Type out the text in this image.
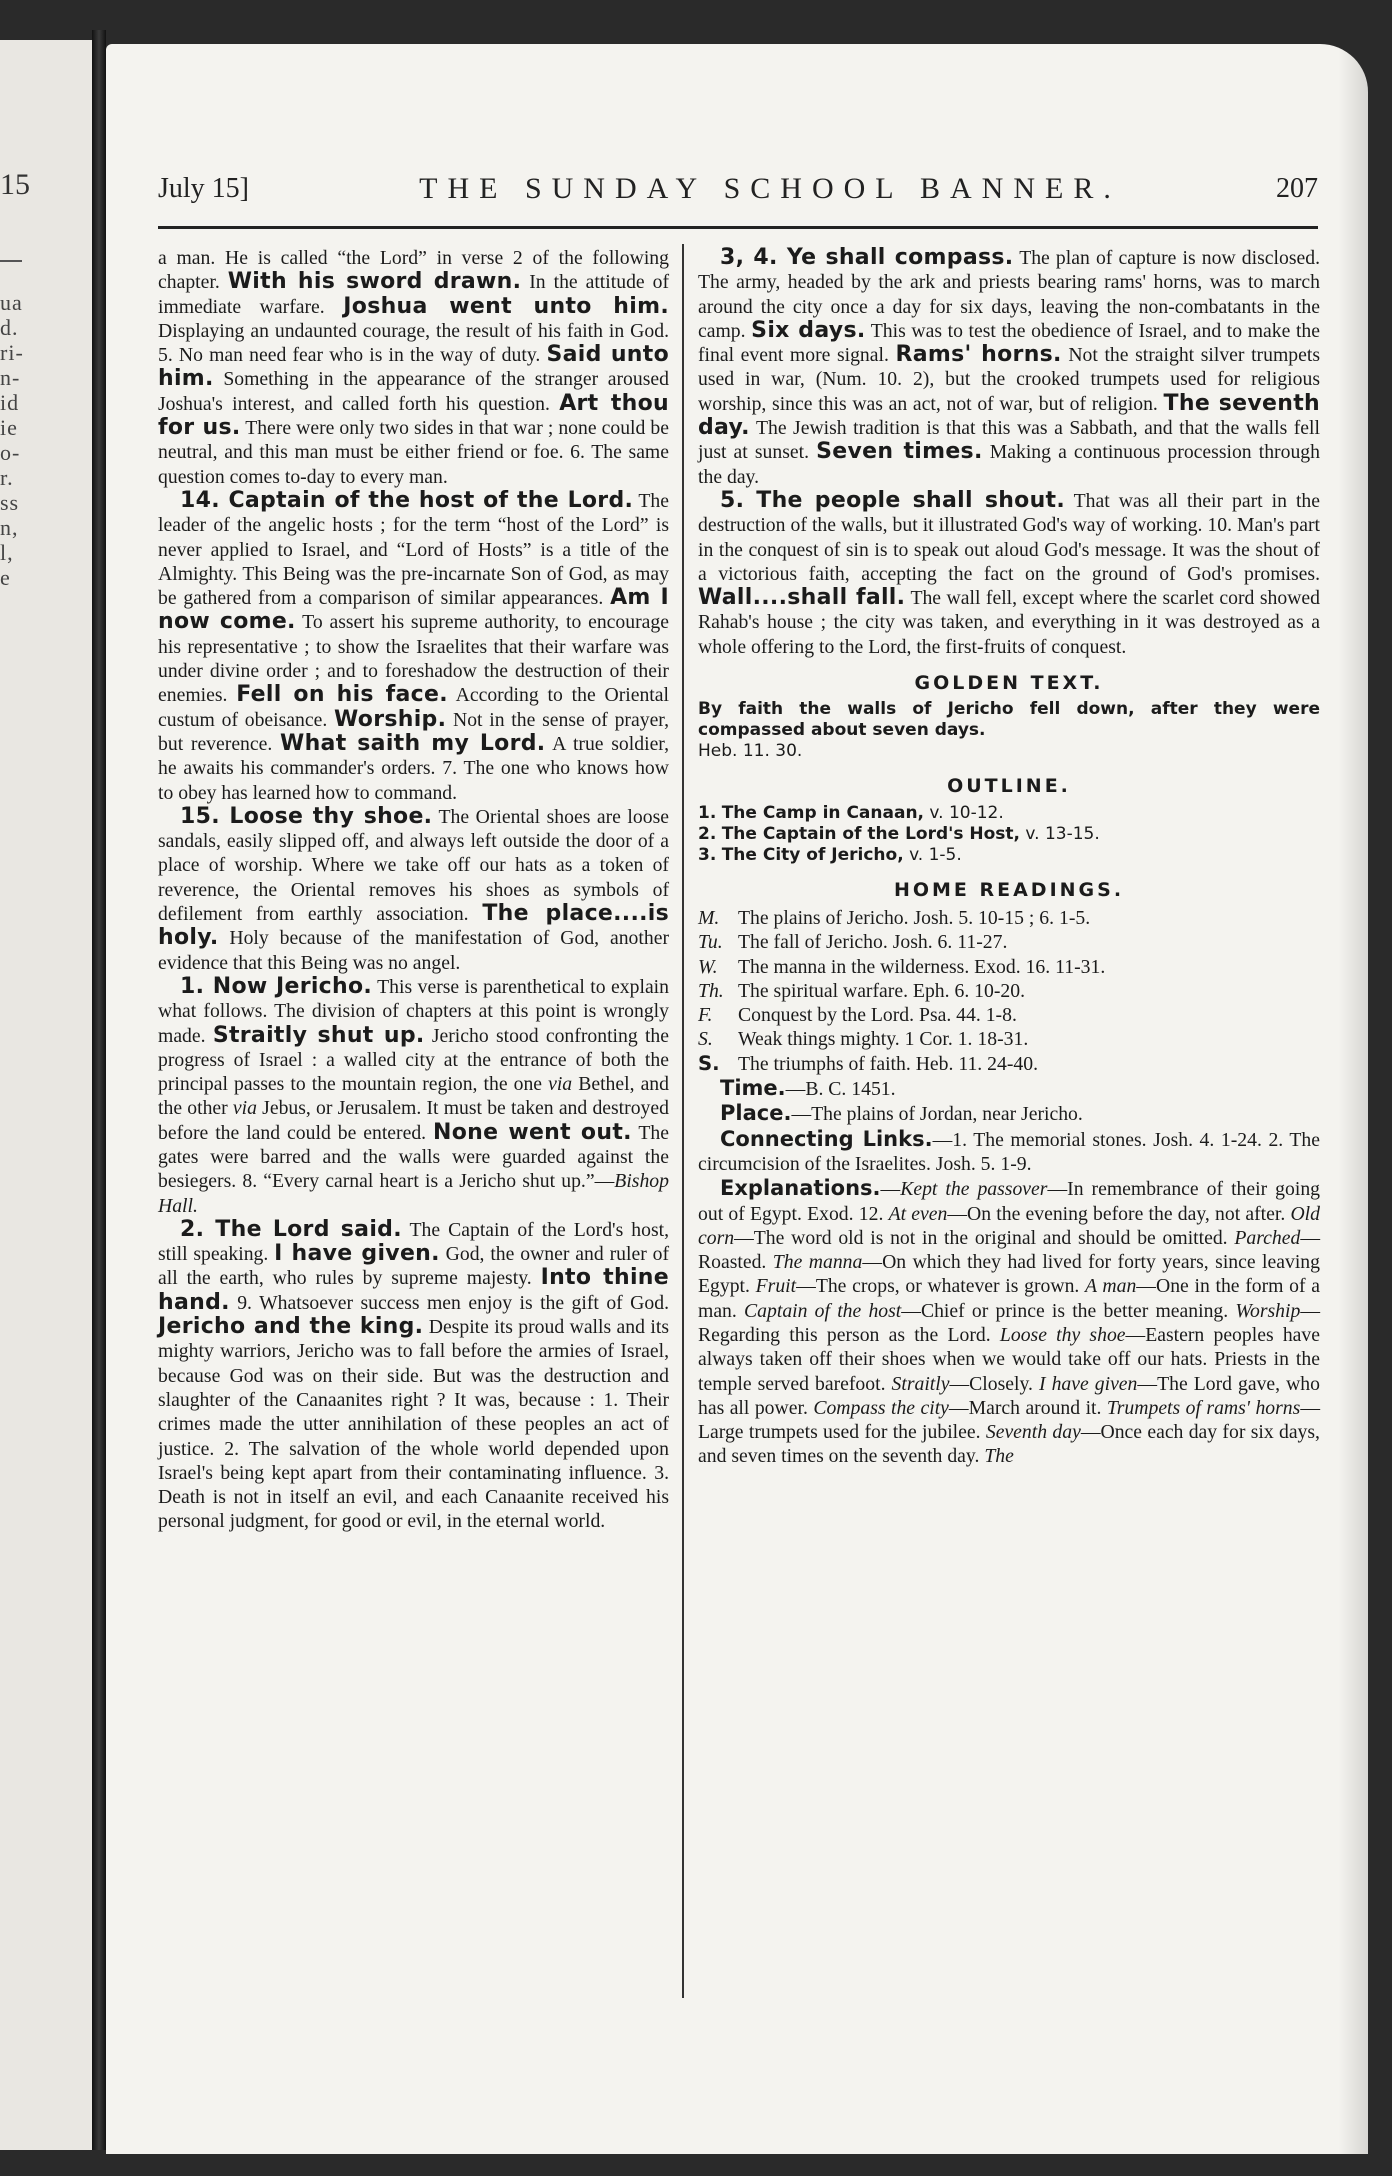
15
ua
d.
ri-
n-
id
ie
o-
r.
ss
n,
l,
e
July 15]	THE SUNDAY SCHOOL BANNER.	207

a man. He is called “the Lord” in verse 2 of the following chapter. With his sword drawn. In the attitude of immediate warfare. Joshua went unto him. Displaying an undaunted courage, the result of his faith in God. 5. No man need fear who is in the way of duty. Said unto him. Something in the appearance of the stranger aroused Joshua's interest, and called forth his question. Art thou for us. There were only two sides in that war ; none could be neutral, and this man must be either friend or foe. 6. The same question comes to-day to every man.

14. Captain of the host of the Lord. The leader of the angelic hosts ; for the term “host of the Lord” is never applied to Israel, and “Lord of Hosts” is a title of the Almighty. This Being was the pre-incarnate Son of God, as may be gathered from a comparison of similar appearances. Am I now come. To assert his supreme authority, to encourage his representative ; to show the Israelites that their warfare was under divine order ; and to foreshadow the destruction of their enemies. Fell on his face. According to the Oriental custum of obeisance. Worship. Not in the sense of prayer, but reverence. What saith my Lord. A true soldier, he awaits his commander's orders. 7. The one who knows how to obey has learned how to command.

15. Loose thy shoe. The Oriental shoes are loose sandals, easily slipped off, and always left outside the door of a place of worship. Where we take off our hats as a token of reverence, the Oriental removes his shoes as symbols of defilement from earthly association. The place....is holy. Holy because of the manifestation of God, another evidence that this Being was no angel.

1. Now Jericho. This verse is parenthetical to explain what follows. The division of chapters at this point is wrongly made. Straitly shut up. Jericho stood confronting the progress of Israel : a walled city at the entrance of both the principal passes to the mountain region, the one via Bethel, and the other via Jebus, or Jerusalem. It must be taken and destroyed before the land could be entered. None went out. The gates were barred and the walls were guarded against the besiegers. 8. “Every carnal heart is a Jericho shut up.”—Bishop Hall.

2. The Lord said. The Captain of the Lord's host, still speaking. I have given. God, the owner and ruler of all the earth, who rules by supreme majesty. Into thine hand. 9. Whatsoever success men enjoy is the gift of God. Jericho and the king. Despite its proud walls and its mighty warriors, Jericho was to fall before the armies of Israel, because God was on their side. But was the destruction and slaughter of the Canaanites right ? It was, because : 1. Their crimes made the utter annihilation of these peoples an act of justice. 2. The salvation of the whole world depended upon Israel's being kept apart from their contaminating influence. 3. Death is not in itself an evil, and each Canaanite received his personal judgment, for good or evil, in the eternal world.

3, 4. Ye shall compass. The plan of capture is now disclosed. The army, headed by the ark and priests bearing rams' horns, was to march around the city once a day for six days, leaving the non-combatants in the camp. Six days. This was to test the obedience of Israel, and to make the final event more signal. Rams' horns. Not the straight silver trumpets used in war, (Num. 10. 2), but the crooked trumpets used for religious worship, since this was an act, not of war, but of religion. The seventh day. The Jewish tradition is that this was a Sabbath, and that the walls fell just at sunset. Seven times. Making a continuous procession through the day.

5. The people shall shout. That was all their part in the destruction of the walls, but it illustrated God's way of working. 10. Man's part in the conquest of sin is to speak out aloud God's message. It was the shout of a victorious faith, accepting the fact on the ground of God's promises. Wall....shall fall. The wall fell, except where the scarlet cord showed Rahab's house ; the city was taken, and everything in it was destroyed as a whole offering to the Lord, the first-fruits of conquest.

GOLDEN TEXT.

By faith the walls of Jericho fell down, after they were compassed about seven days.
Heb. 11. 30.

OUTLINE.
1. The Camp in Canaan, v. 10-12.
2. The Captain of the Lord's Host, v. 13-15.
3. The City of Jericho, v. 1-5.
HOME READINGS.

M. The plains of Jericho. Josh. 5. 10-15 ; 6. 1-5.

Tu. The fall of Jericho. Josh. 6. 11-27.

W. The manna in the wilderness. Exod. 16. 11-31.

Th. The spiritual warfare. Eph. 6. 10-20.

F. Conquest by the Lord. Psa. 44. 1-8.

S. Weak things mighty. 1 Cor. 1. 18-31.

S. The triumphs of faith. Heb. 11. 24-40.

Time.—B. C. 1451.

Place.—The plains of Jordan, near Jericho.

Connecting Links.—1. The memorial stones. Josh. 4. 1-24. 2. The circumcision of the Israelites. Josh. 5. 1-9.

Explanations.—Kept the passover—In remembrance of their going out of Egypt. Exod. 12. At even—On the evening before the day, not after. Old corn—The word old is not in the original and should be omitted. Parched—Roasted. The manna—On which they had lived for forty years, since leaving Egypt. Fruit—The crops, or whatever is grown. A man—One in the form of a man. Captain of the host—Chief or prince is the better meaning. Worship—Regarding this person as the Lord. Loose thy shoe—Eastern peoples have always taken off their shoes when we would take off our hats. Priests in the temple served barefoot. Straitly—Closely. I have given—The Lord gave, who has all power. Compass the city—March around it. Trumpets of rams' horns—Large trumpets used for the jubilee. Seventh day—Once each day for six days, and seven times on the seventh day. The
